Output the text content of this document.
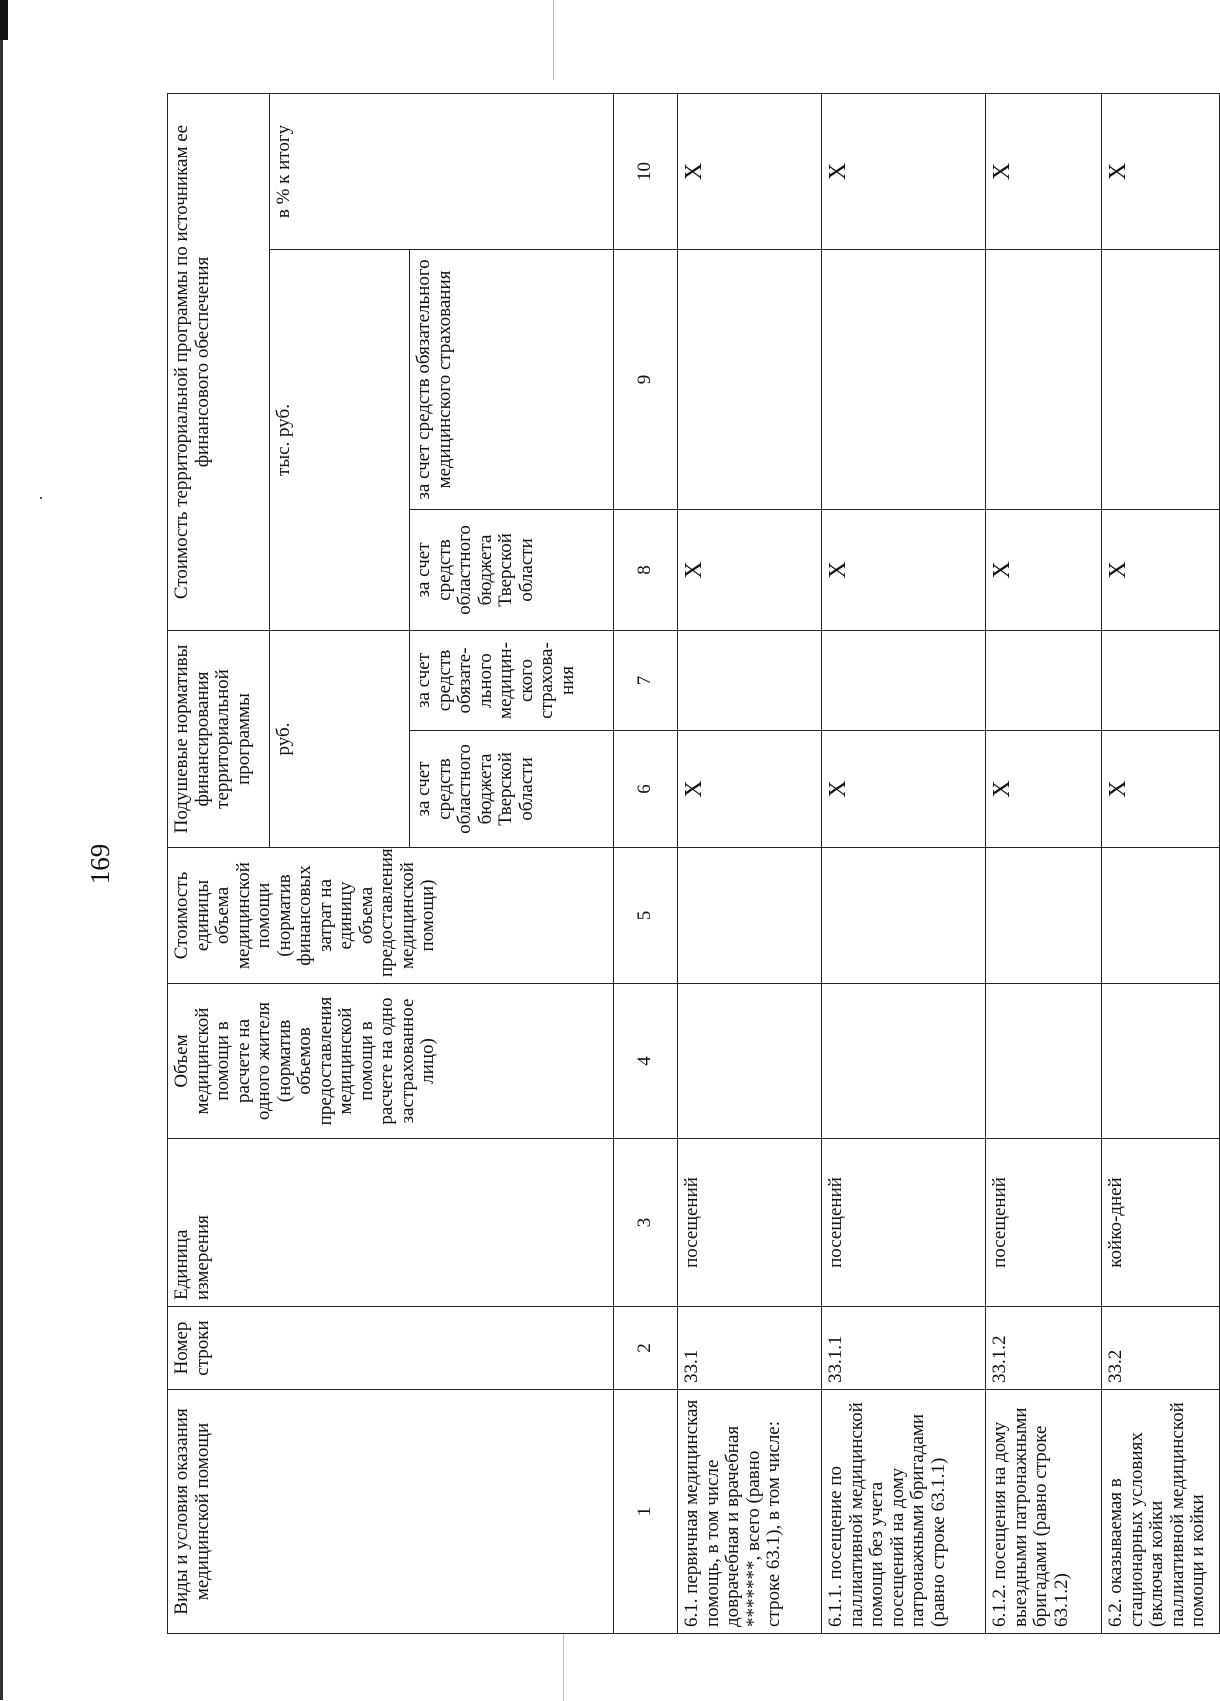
169
Виды и условия оказания медицинской помощи	Номер строки	Единица измерения	Объем медицинской помощи в расчете на одного жителя (норматив объемов предоставления медицинской помощи в расчете на одно застрахованное лицо)	Стоимость единицы объема медицинской помощи (норматив финансовых затрат на единицу объема предоставления медицинской помощи)	Подушевые нормативы финансирования территориальной программы		Стоимость территориальной программы по источникам ее финансового обеспечения		
					руб.		тыс. руб.		в % к итогу
					за счет средств областного бюджета Тверской области	за счет средств обязате- льного медицин- ского страхова- ния	за счет средств областного бюджета Тверской области	за счет средств обязательного медицинского страхования	
1	2	3	4	5	6	7	8	9	10
6.1. первичная медицинская помощь, в том числе доврачебная и врачебная *******, всего (равно строке 63.1), в том числе:	33.1	посещений			X		X		X
6.1.1. посещение по паллиативной медицинской помощи без учета посещений на дому патронажными бригадами (равно строке 63.1.1)	33.1.1	посещений			X		X		X
6.1.2. посещения на дому выездными патронажными бригадами (равно строке 63.1.2)	33.1.2	посещений			X		X		X
6.2. оказываемая в стационарных условиях (включая койки паллиативной медицинской помощи и койки	33.2	койко-дней			X		X		X
